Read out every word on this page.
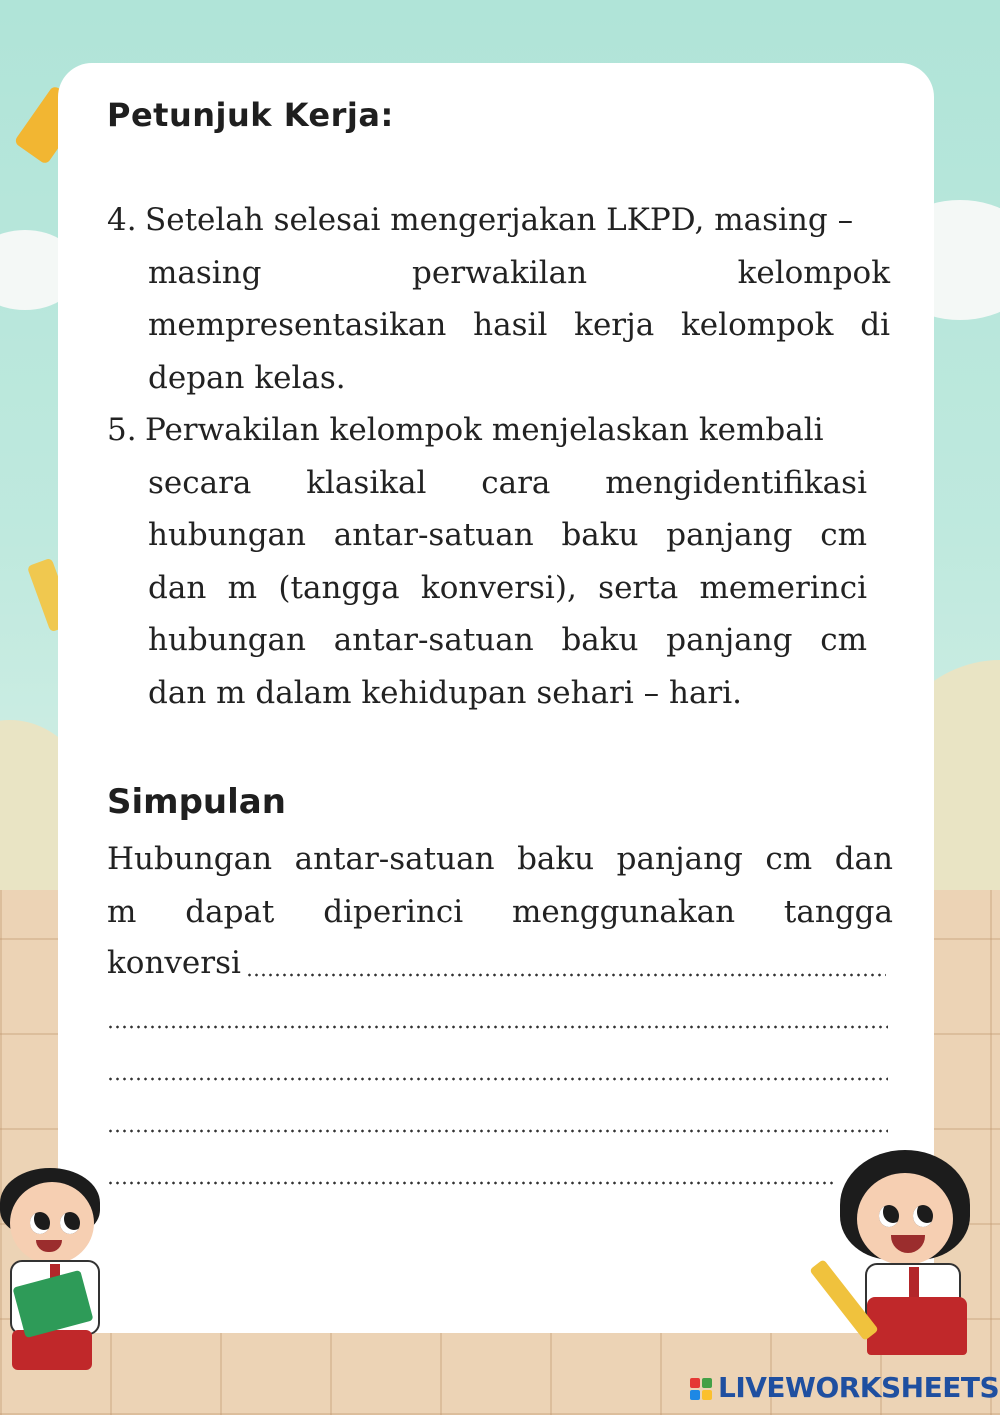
Petunjuk Kerja:
4. Setelah selesai mengerjakan LKPD, masing –
masing perwakilan kelompok
mempresentasikan hasil kerja kelompok di
depan kelas.
5. Perwakilan kelompok menjelaskan kembali
secara klasikal cara mengidentifikasi
hubungan antar-satuan baku panjang cm
dan m (tangga konversi), serta memerinci
hubungan antar-satuan baku panjang cm
dan m dalam kehidupan sehari – hari.
Simpulan
Hubungan antar-satuan baku panjang cm dan
m dapat diperinci menggunakan tangga
konversi
LIVEWORKSHEETS
